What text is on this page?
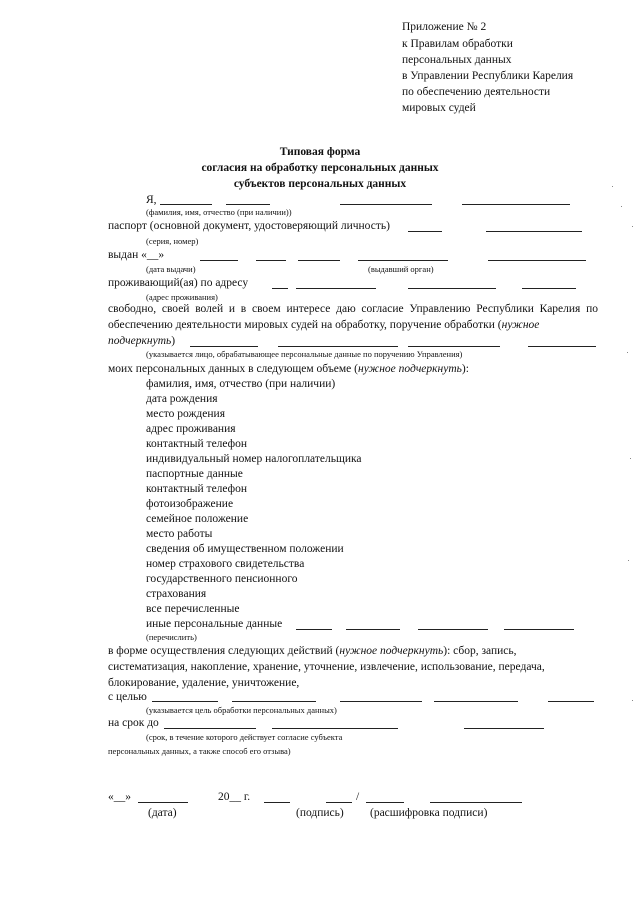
Приложение № 2
к Правилам обработки
персональных данных
в Управлении Республики Карелия
по обеспечению деятельности
мировых судей
Типовая форма
согласия на обработку персональных данных
субъектов персональных данных
Я,
(фамилия, имя, отчество (при наличии))
паспорт (основной документ, удостоверяющий личность)
(серия, номер)
выдан «__»
(дата выдачи)	(выдавший орган)
проживающий(ая) по адресу
(адрес проживания)
свободно, своей волей и в своем интересе даю согласие Управлению Республики Карелия по
обеспечению деятельности мировых судей на обработку, поручение обработки (нужное
подчеркнуть)
(указывается лицо, обрабатывающее персональные данные по поручению Управления)
моих персональных данных в следующем объеме (нужное подчеркнуть):
фамилия, имя, отчество (при наличии)
дата рождения
место рождения
адрес проживания
контактный телефон
индивидуальный номер налогоплательщика
паспортные данные
контактный телефон
фотоизображение
семейное положение
место работы
сведения об имущественном положении
номер страхового свидетельства
государственного пенсионного
страхования
все перечисленные
иные персональные данные
(перечислить)
в форме осуществления следующих действий (нужное подчеркнуть): сбор, запись,
систематизация, накопление, хранение, уточнение, извлечение, использование, передача,
блокирование, удаление, уничтожение,
с целью
(указывается цель обработки персональных данных)
на срок до
(срок, в течение которого действует согласие субъекта
персональных данных, а также способ его отзыва)
«__»	20__ г.	/
(дата)	(подпись) (расшифровка подписи)
